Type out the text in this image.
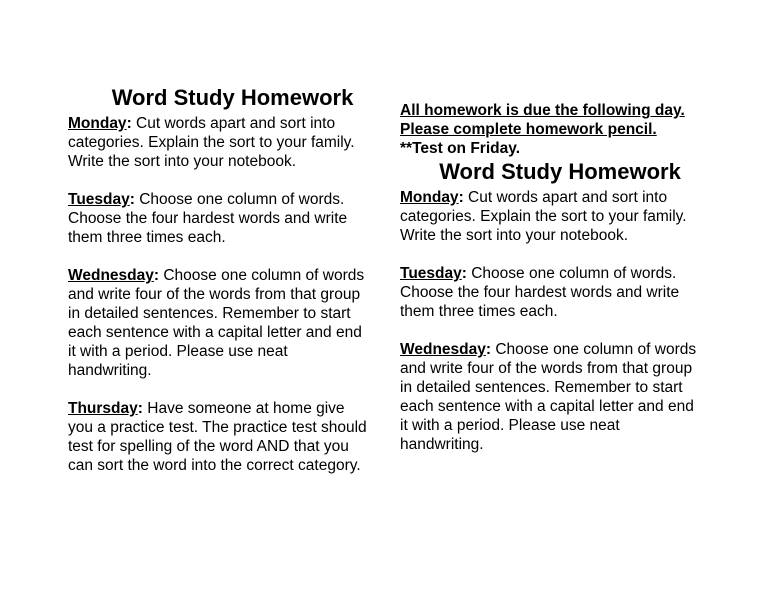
Word Study Homework

Monday: Cut words apart and sort into categories. Explain the sort to your family. Write the sort into your notebook.

Tuesday: Choose one column of words. Choose the four hardest words and write them three times each.

Wednesday: Choose one column of words and write four of the words from that group in detailed sentences. Remember to start each sentence with a capital letter and end it with a period. Please use neat handwriting.

Thursday: Have someone at home give you a practice test. The practice test should test for spelling of the word AND that you can sort the word into the correct category.

All homework is due the following day. Please complete homework pencil.

**Test on Friday.

Word Study Homework

Monday: Cut words apart and sort into categories. Explain the sort to your family. Write the sort into your notebook.

Tuesday: Choose one column of words. Choose the four hardest words and write them three times each.

Wednesday: Choose one column of words and write four of the words from that group in detailed sentences. Remember to start each sentence with a capital letter and end it with a period. Please use neat handwriting.
